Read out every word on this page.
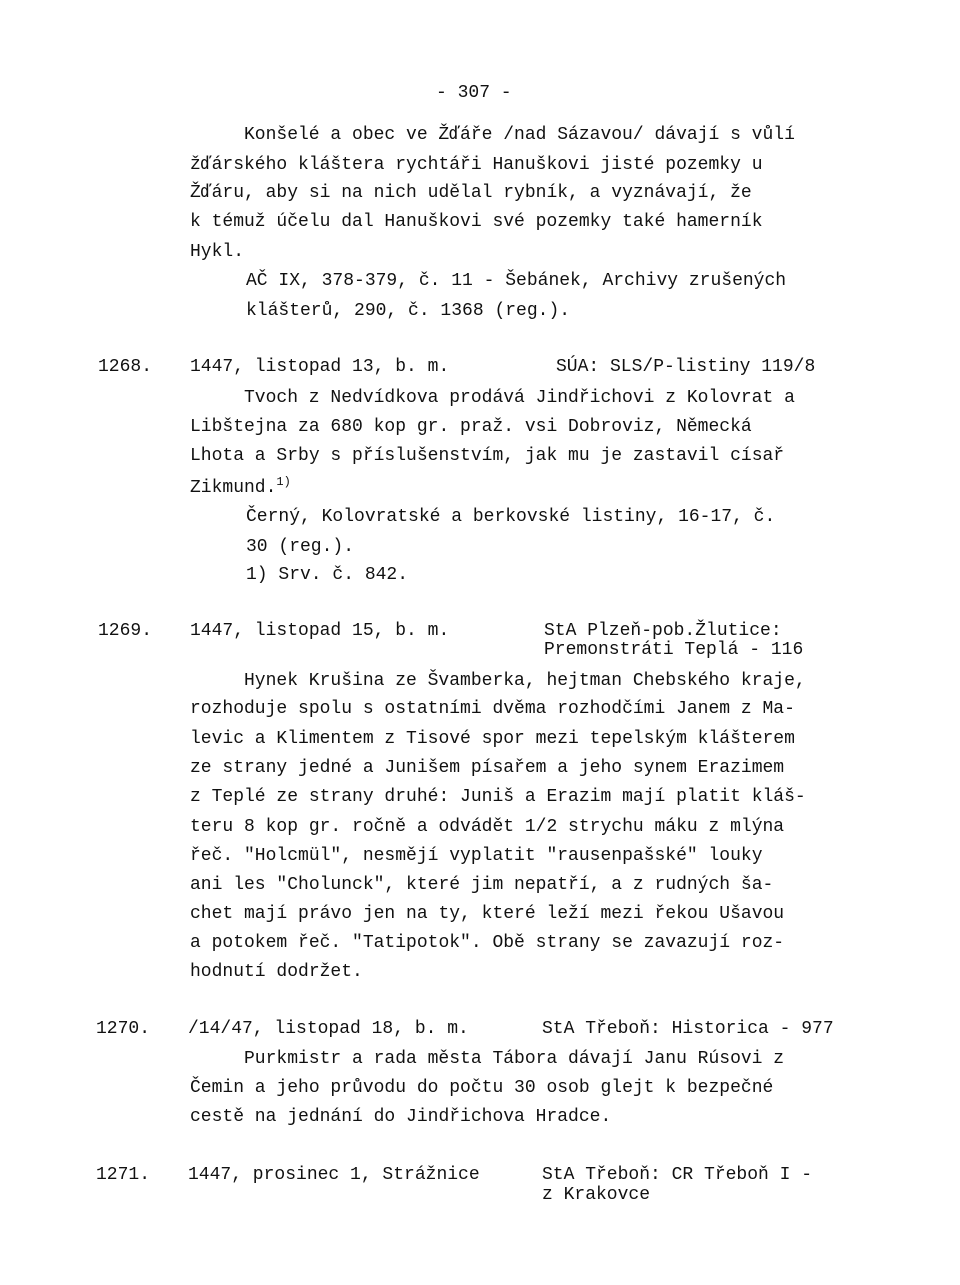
- 307 -
Konšelé a obec ve Žďáře /nad Sázavou/ dávají s vůlí
žďárského kláštera rychtáři Hanuškovi jisté pozemky u
Žďáru, aby si na nich udělal rybník, a vyznávají, že
k témuž účelu dal Hanuškovi své pozemky také hamerník
Hykl.
AČ IX, 378-379, č. 11 - Šebánek, Archivy zrušených
klášterů, 290, č. 1368 (reg.).
1268. 1447, listopad 13, b. m.	SÚA: SLS/P-listiny 119/8
Tvoch z Nedvídkova prodává Jindřichovi z Kolovrat a
Libštejna za 680 kop gr. praž. vsi Dobroviz, Německá
Lhota a Srby s příslušenstvím, jak mu je zastavil císař
Zikmund.$^{1)}$
Černý, Kolovratské a berkovské listiny, 16-17, č.
30 (reg.).
1) Srv. č. 842.
1269. 1447, listopad 15, b. m.	StA Plzeň-pob.Žlutice:
Premonstráti Teplá - 116
Hynek Krušina ze Švamberka, hejtman Chebského kraje,
rozhoduje spolu s ostatními dvěma rozhodčími Janem z Ma-
levic a Klimentem z Tisové spor mezi tepelským klášterem
ze strany jedné a Junišem písařem a jeho synem Erazimem
z Teplé ze strany druhé: Juniš a Erazim mají platit kláš-
teru 8 kop gr. ročně a odvádět 1/2 strychu máku z mlýna
řeč. "Holcmül", nesmějí vyplatit "rausenpašské" louky
ani les "Cholunck", které jim nepatří, a z rudných ša-
chet mají právo jen na ty, které leží mezi řekou Ušavou
a potokem řeč. "Tatipotok". Obě strany se zavazují roz-
hodnutí dodržet.
1270. /14/47, listopad 18, b. m.	StA Třeboň: Historica - 977
Purkmistr a rada města Tábora dávají Janu Rúsovi z
Čemin a jeho průvodu do počtu 30 osob glejt k bezpečné
cestě na jednání do Jindřichova Hradce.
1271. 1447, prosinec 1, Strážnice	StA Třeboň: CR Třeboň I -
z Krakovce
